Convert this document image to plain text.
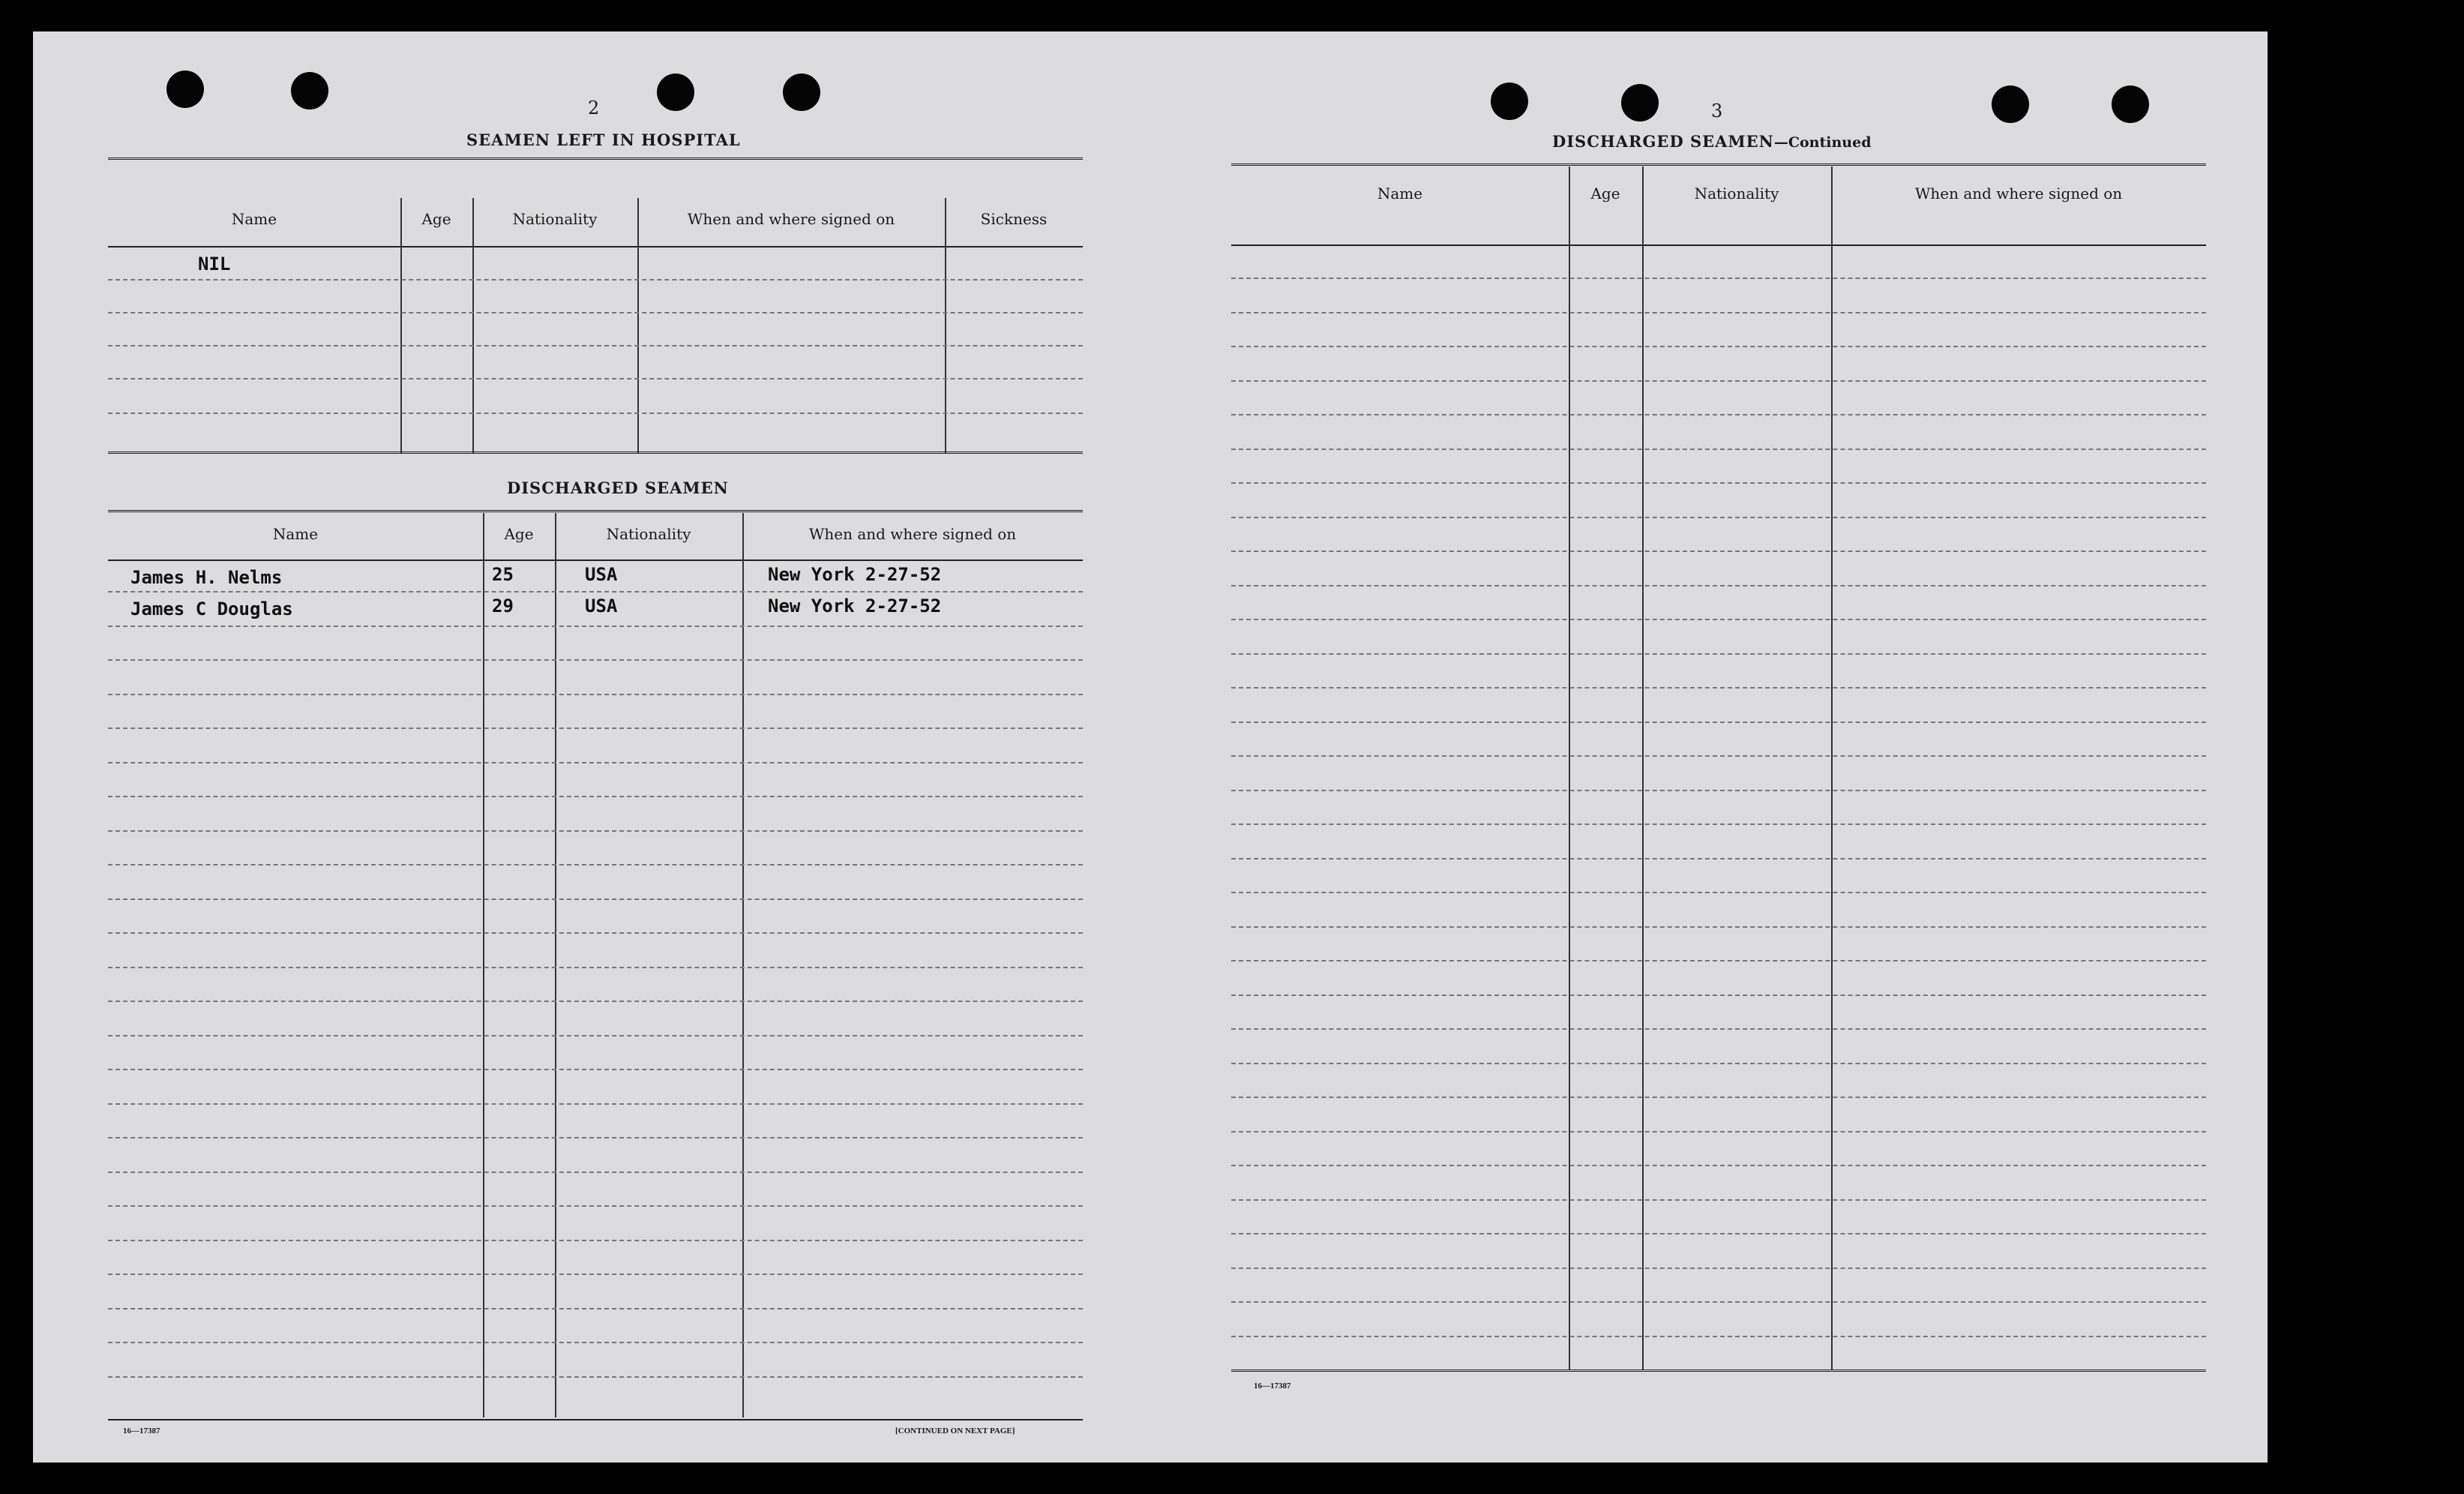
2
SEAMEN LEFT IN HOSPITAL
Name	Age	Nationality	When and where signed on	Sickness
NIL
DISCHARGED SEAMEN
Name	Age	Nationality	When and where signed on
James H. Nelms	25	USA	New York 2-27-52
James C Douglas	29	USA	New York 2-27-52
16—17387	[CONTINUED ON NEXT PAGE]
3
DISCHARGED SEAMEN—Continued
Name	Age	Nationality	When and where signed on
16—17387
